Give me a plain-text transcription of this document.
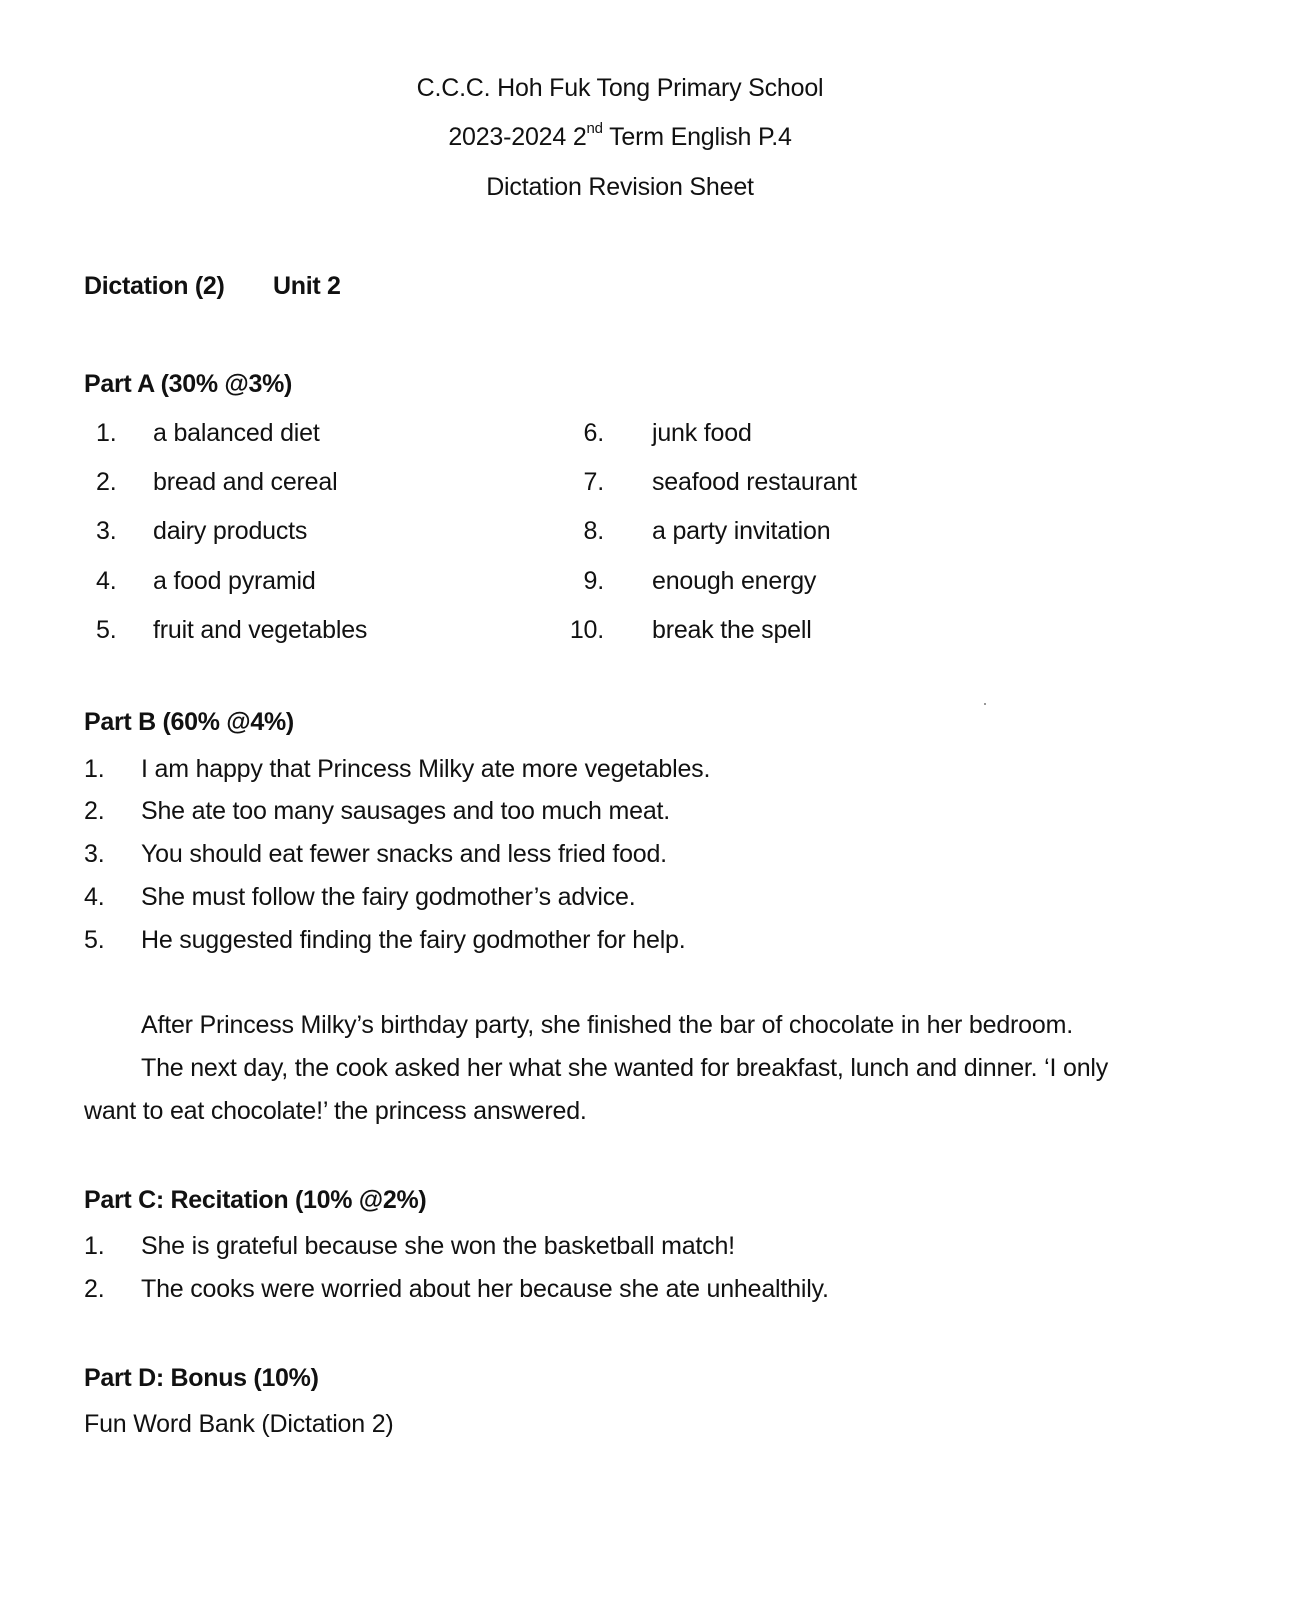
C.C.C. Hoh Fuk Tong Primary School
2023-2024 2nd Term English P.4
Dictation Revision Sheet
Dictation (2) Unit 2
Part A (30% @3%)
1. a balanced diet
2. bread and cereal
3. dairy products
4. a food pyramid
5. fruit and vegetables
6. junk food
7. seafood restaurant
8. a party invitation
9. enough energy
10. break the spell
Part B (60% @4%)
1. I am happy that Princess Milky ate more vegetables.
2. She ate too many sausages and too much meat.
3. You should eat fewer snacks and less fried food.
4. She must follow the fairy godmother’s advice.
5. He suggested finding the fairy godmother for help.
After Princess Milky’s birthday party, she finished the bar of chocolate in her bedroom.
The next day, the cook asked her what she wanted for breakfast, lunch and dinner. ‘I only
want to eat chocolate!’ the princess answered.
Part C: Recitation (10% @2%)
1. She is grateful because she won the basketball match!
2. The cooks were worried about her because she ate unhealthily.
Part D: Bonus (10%)
Fun Word Bank (Dictation 2)
